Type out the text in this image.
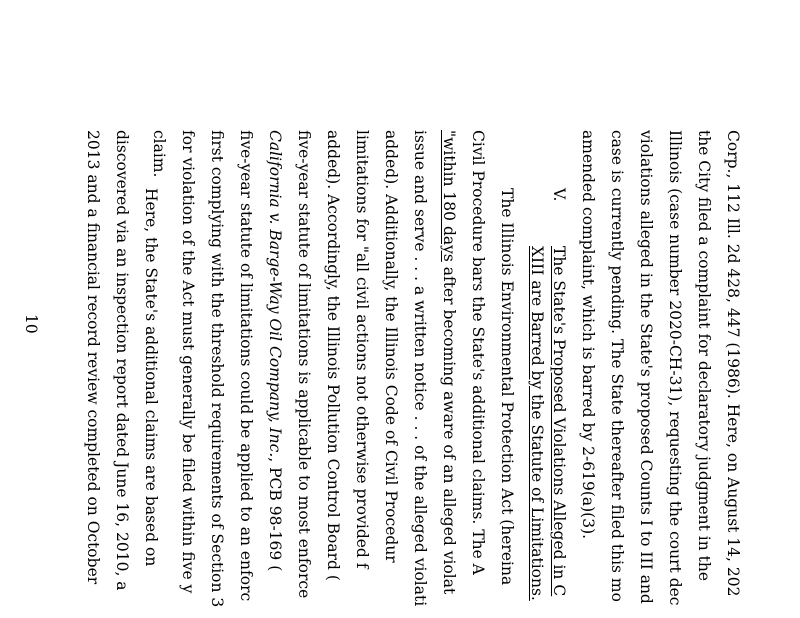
10	Corp., 112 Ill. 2d 428, 447 (1986). Here, on August 14, 202
the City filed a complaint for declaratory judgment in the
Illinois (case number 2020-CH-31), requesting the court dec
violations alleged in the State's proposed Counts I to III and
case is currently pending. The State thereafter filed this mo
amended complaint, which is barred by 2-619(a)(3).
V.
The State's Proposed Violations Alleged in C
XIII are Barred by the Statute of Limitations.
The Illinois Environmental Protection Act (hereina
Civil Procedure bars the State's additional claims. The A
"within 180 days after becoming aware of an alleged violat
issue and serve . . . a written notice . . . of the alleged violati
added). Additionally, the Illinois Code of Civil Procedur
limitations for "all civil actions not otherwise provided f
added). Accordingly, the Illinois Pollution Control Board (
five-year statute of limitations is applicable to most enforce
California v. Barge-Way Oil Company, Inc., PCB 98-169 (
five-year statute of limitations could be applied to an enforc
first complying with the threshold requirements of Section 3
for violation of the Act must generally be filed within five y
claim.
Here, the State's additional claims are based on
discovered via an inspection report dated June 16, 2010, a
2013 and a financial record review completed on October
